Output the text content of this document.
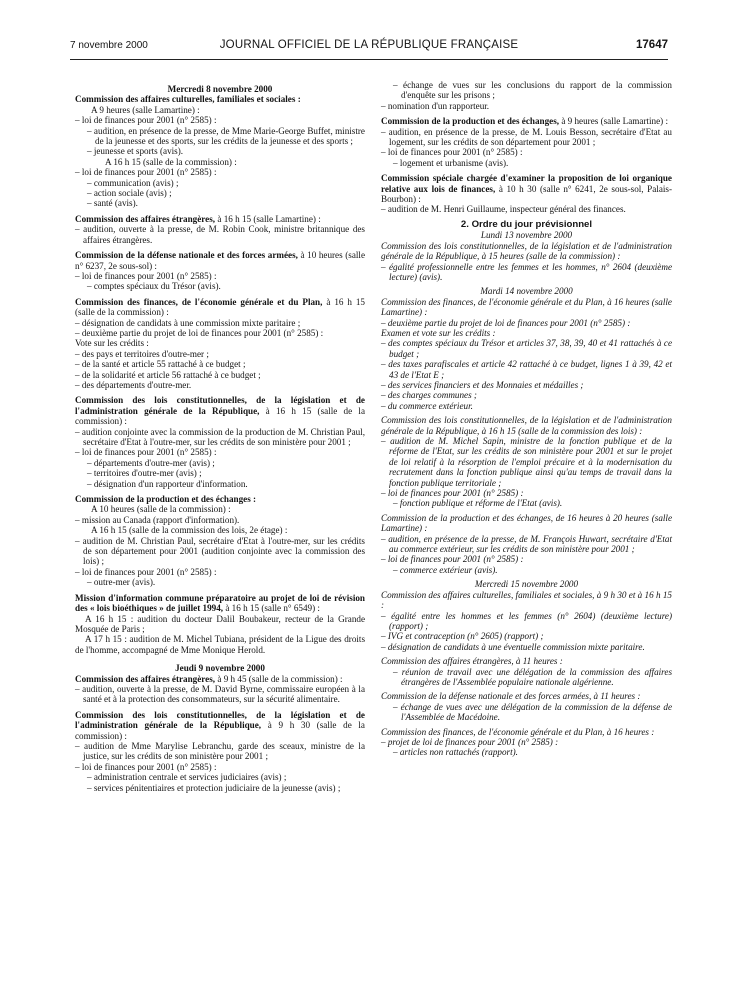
7 novembre 2000	JOURNAL OFFICIEL DE LA RÉPUBLIQUE FRANÇAISE	17647

Mercredi 8 novembre 2000

Commission des affaires culturelles, familiales et sociales :

A 9 heures (salle Lamartine) :

– loi de finances pour 2001 (n° 2585) :

– audition, en présence de la presse, de Mme Marie-George Buffet, ministre de la jeunesse et des sports, sur les crédits de la jeunesse et des sports ;

– jeunesse et sports (avis).

A 16 h 15 (salle de la commission) :

– loi de finances pour 2001 (n° 2585) :

– communication (avis) ;

– action sociale (avis) ;

– santé (avis).

Commission des affaires étrangères, à 16 h 15 (salle Lamartine) :

– audition, ouverte à la presse, de M. Robin Cook, ministre britannique des affaires étrangères.

Commission de la défense nationale et des forces armées, à 10 heures (salle n° 6237, 2e sous-sol) :

– loi de finances pour 2001 (n° 2585) :

– comptes spéciaux du Trésor (avis).

Commission des finances, de l'économie générale et du Plan, à 16 h 15 (salle de la commission) :

– désignation de candidats à une commission mixte paritaire ;

– deuxième partie du projet de loi de finances pour 2001 (n° 2585) :

Vote sur les crédits :

– des pays et territoires d'outre-mer ;

– de la santé et article 55 rattaché à ce budget ;

– de la solidarité et article 56 rattaché à ce budget ;

– des départements d'outre-mer.

Commission des lois constitutionnelles, de la législation et de l'administration générale de la République, à 16 h 15 (salle de la commission) :

– audition conjointe avec la commission de la production de M. Christian Paul, secrétaire d'Etat à l'outre-mer, sur les crédits de son ministère pour 2001 ;

– loi de finances pour 2001 (n° 2585) :

– départements d'outre-mer (avis) ;

– territoires d'outre-mer (avis) ;

– désignation d'un rapporteur d'information.

Commission de la production et des échanges :

A 10 heures (salle de la commission) :

– mission au Canada (rapport d'information).

A 16 h 15 (salle de la commission des lois, 2e étage) :

– audition de M. Christian Paul, secrétaire d'Etat à l'outre-mer, sur les crédits de son département pour 2001 (audition conjointe avec la commission des lois) ;

– loi de finances pour 2001 (n° 2585) :

– outre-mer (avis).

Mission d'information commune préparatoire au projet de loi de révision des « lois bioéthiques » de juillet 1994, à 16 h 15 (salle n° 6549) :

A 16 h 15 : audition du docteur Dalil Boubakeur, recteur de la Grande Mosquée de Paris ;

A 17 h 15 : audition de M. Michel Tubiana, président de la Ligue des droits de l'homme, accompagné de Mme Monique Herold.

Jeudi 9 novembre 2000

Commission des affaires étrangères, à 9 h 45 (salle de la commission) :

– audition, ouverte à la presse, de M. David Byrne, commissaire européen à la santé et à la protection des consommateurs, sur la sécurité alimentaire.

Commission des lois constitutionnelles, de la législation et de l'administration générale de la République, à 9 h 30 (salle de la commission) :

– audition de Mme Marylise Lebranchu, garde des sceaux, ministre de la justice, sur les crédits de son ministère pour 2001 ;

– loi de finances pour 2001 (n° 2585) :

– administration centrale et services judiciaires (avis) ;

– services pénitentiaires et protection judiciaire de la jeunesse (avis) ;

– échange de vues sur les conclusions du rapport de la commission d'enquête sur les prisons ;

– nomination d'un rapporteur.

Commission de la production et des échanges, à 9 heures (salle Lamartine) :

– audition, en présence de la presse, de M. Louis Besson, secrétaire d'Etat au logement, sur les crédits de son département pour 2001 ;

– loi de finances pour 2001 (n° 2585) :

– logement et urbanisme (avis).

Commission spéciale chargée d'examiner la proposition de loi organique relative aux lois de finances, à 10 h 30 (salle n° 6241, 2e sous-sol, Palais-Bourbon) :

– audition de M. Henri Guillaume, inspecteur général des finances.

2. Ordre du jour prévisionnel

Lundi 13 novembre 2000

Commission des lois constitutionnelles, de la législation et de l'administration générale de la République, à 15 heures (salle de la commission) :

– égalité professionnelle entre les femmes et les hommes, n° 2604 (deuxième lecture) (avis).

Mardi 14 novembre 2000

Commission des finances, de l'économie générale et du Plan, à 16 heures (salle Lamartine) :

– deuxième partie du projet de loi de finances pour 2001 (n° 2585) :

Examen et vote sur les crédits :

– des comptes spéciaux du Trésor et articles 37, 38, 39, 40 et 41 rattachés à ce budget ;

– des taxes parafiscales et article 42 rattaché à ce budget, lignes 1 à 39, 42 et 43 de l'Etat E ;

– des services financiers et des Monnaies et médailles ;

– des charges communes ;

– du commerce extérieur.

Commission des lois constitutionnelles, de la législation et de l'administration générale de la République, à 16 h 15 (salle de la commission des lois) :

– audition de M. Michel Sapin, ministre de la fonction publique et de la réforme de l'Etat, sur les crédits de son ministère pour 2001 et sur le projet de loi relatif à la résorption de l'emploi précaire et à la modernisation du recrutement dans la fonction publique ainsi qu'au temps de travail dans la fonction publique territoriale ;

– loi de finances pour 2001 (n° 2585) :

– fonction publique et réforme de l'Etat (avis).

Commission de la production et des échanges, de 16 heures à 20 heures (salle Lamartine) :

– audition, en présence de la presse, de M. François Huwart, secrétaire d'Etat au commerce extérieur, sur les crédits de son ministère pour 2001 ;

– loi de finances pour 2001 (n° 2585) :

– commerce extérieur (avis).

Mercredi 15 novembre 2000

Commission des affaires culturelles, familiales et sociales, à 9 h 30 et à 16 h 15 :

– égalité entre les hommes et les femmes (n° 2604) (deuxième lecture) (rapport) ;

– IVG et contraception (n° 2605) (rapport) ;

– désignation de candidats à une éventuelle commission mixte paritaire.

Commission des affaires étrangères, à 11 heures :

– réunion de travail avec une délégation de la commission des affaires étrangères de l'Assemblée populaire nationale algérienne.

Commission de la défense nationale et des forces armées, à 11 heures :

– échange de vues avec une délégation de la commission de la défense de l'Assemblée de Macédoine.

Commission des finances, de l'économie générale et du Plan, à 16 heures :

– projet de loi de finances pour 2001 (n° 2585) :

– articles non rattachés (rapport).
